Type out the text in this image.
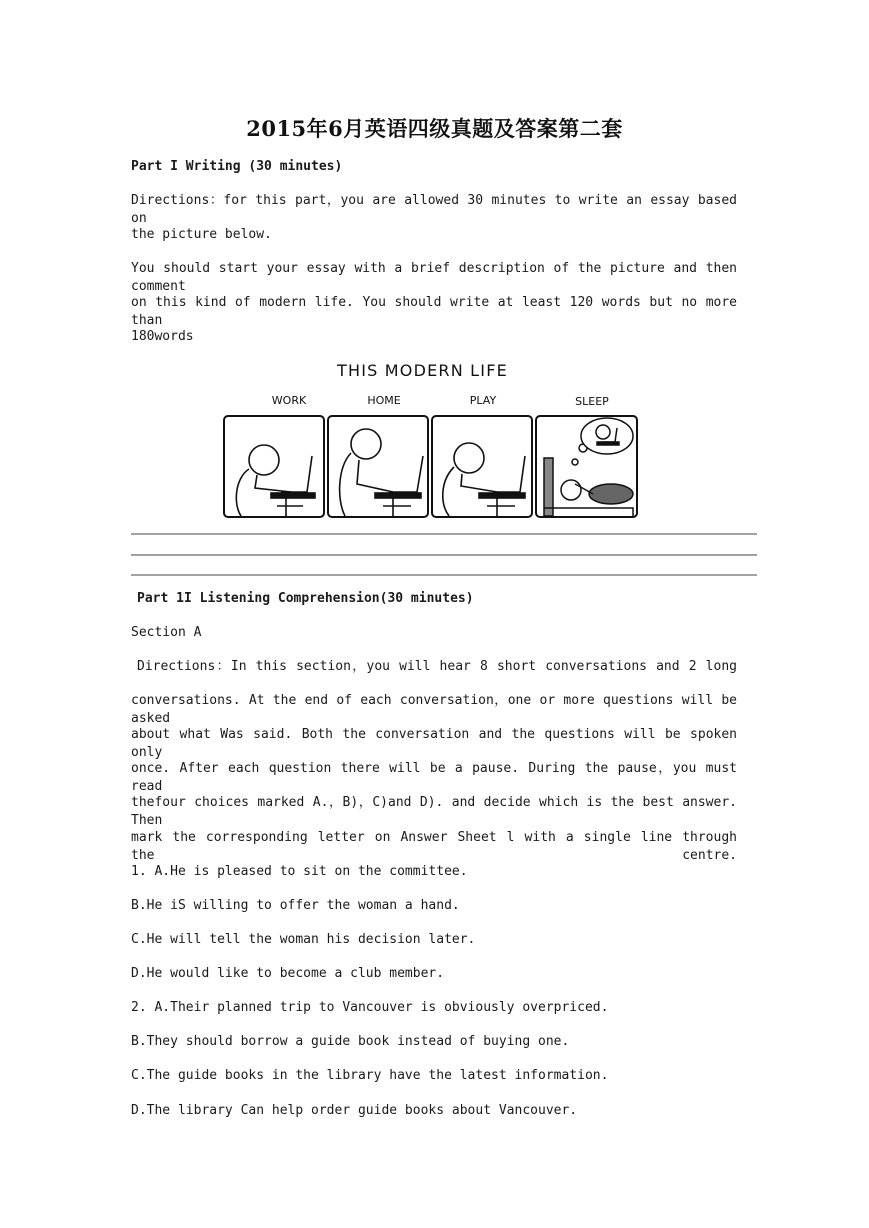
2015年6月英语四级真题及答案第二套
Part I Writing (30 minutes)
Directions：for this part，you are allowed 30 minutes to write an essay based on
the picture below.
You should start your essay with a brief description of the picture and then comment
on this kind of modern life. You should write at least 120 words but no more than
180words
THIS MODERN LIFE
WORK	HOME	PLAY	SLEEP
Part 1I Listening Comprehension(30 minutes)
Section A
Directions：In this section，you will hear 8 short conversations and 2 long
conversations. At the end of each conversation，one or more questions will be asked
about what Was said. Both the conversation and the questions will be spoken only
once. After each question there will be a pause. During the pause，you must read
thefour choices marked A.，B)，C)and D). and decide which is the best answer. Then
mark the corresponding letter on Answer Sheet l with a single line through the centre.
1. A.He is pleased to sit on the committee.
B.He iS willing to offer the woman a hand.
C.He will tell the woman his decision later.
D.He would like to become a club member.
2. A.Their planned trip to Vancouver is obviously overpriced.
B.They should borrow a guide book instead of buying one.
C.The guide books in the library have the latest information.
D.The library Can help order guide books about Vancouver.
